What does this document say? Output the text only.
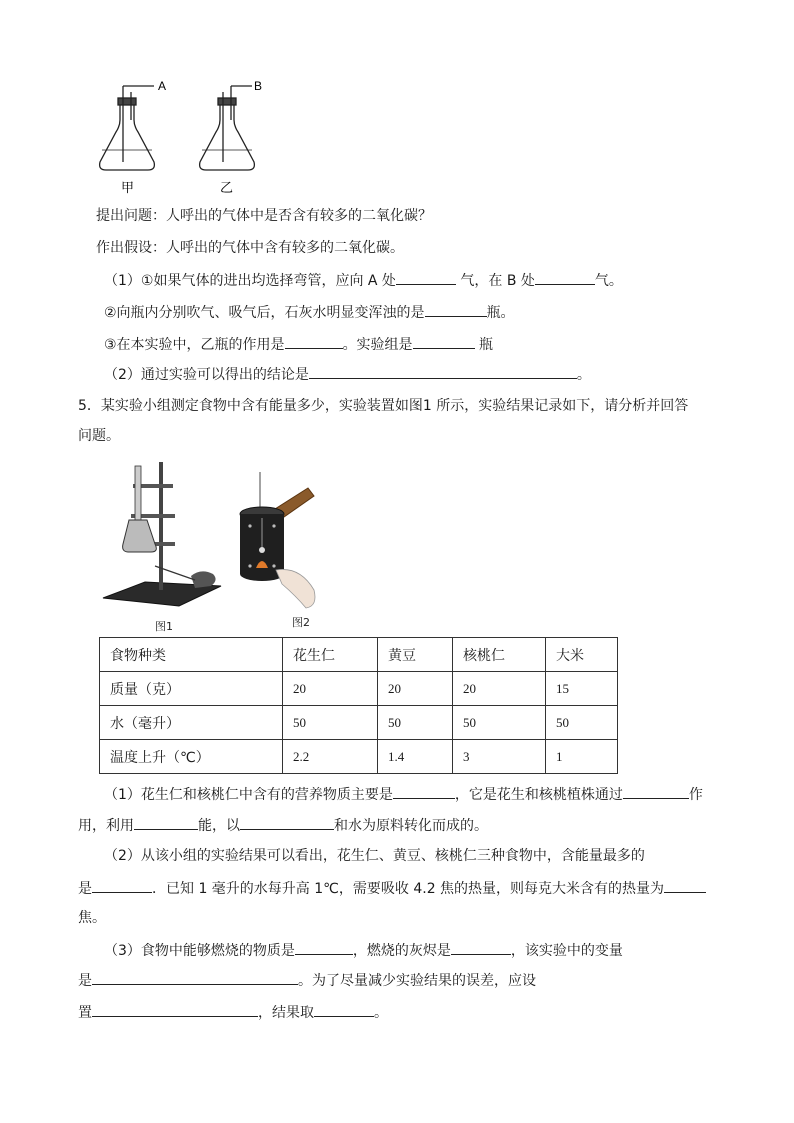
A
甲
B
乙
提出问题：人呼出的气体中是否含有较多的二氧化碳？
作出假设：人呼出的气体中含有较多的二氧化碳。
（1）①如果气体的进出均选择弯管，应向 A 处	气，在 B 处	气。
②向瓶内分别吹气、吸气后，石灰水明显变浑浊的是	瓶。
③在本实验中，乙瓶的作用是	。实验组是	瓶
（2）通过实验可以得出的结论是	。
5．某实验小组测定食物中含有能量多少，实验装置如图1 所示，实验结果记录如下，请分析并回答
问题。
图1	图2
食物种类	花生仁	黄豆	核桃仁	大米
质量（克）	20	20	20	15
水（毫升）	50	50	50	50
温度上升（℃）	2.2	1.4	3	1
（1）花生仁和核桃仁中含有的营养物质主要是	，它是花生和核桃植株通过	作
用，利用	能，以	和水为原料转化而成的。
（2）从该小组的实验结果可以看出，花生仁、黄豆、核桃仁三种食物中，含能量最多的
是	．已知 1 毫升的水每升高 1℃，需要吸收 4.2 焦的热量，则每克大米含有的热量为
焦。
（3）食物中能够燃烧的物质是	，燃烧的灰烬是	，该实验中的变量
是	。为了尽量减少实验结果的误差，应设
置	，结果取	。
